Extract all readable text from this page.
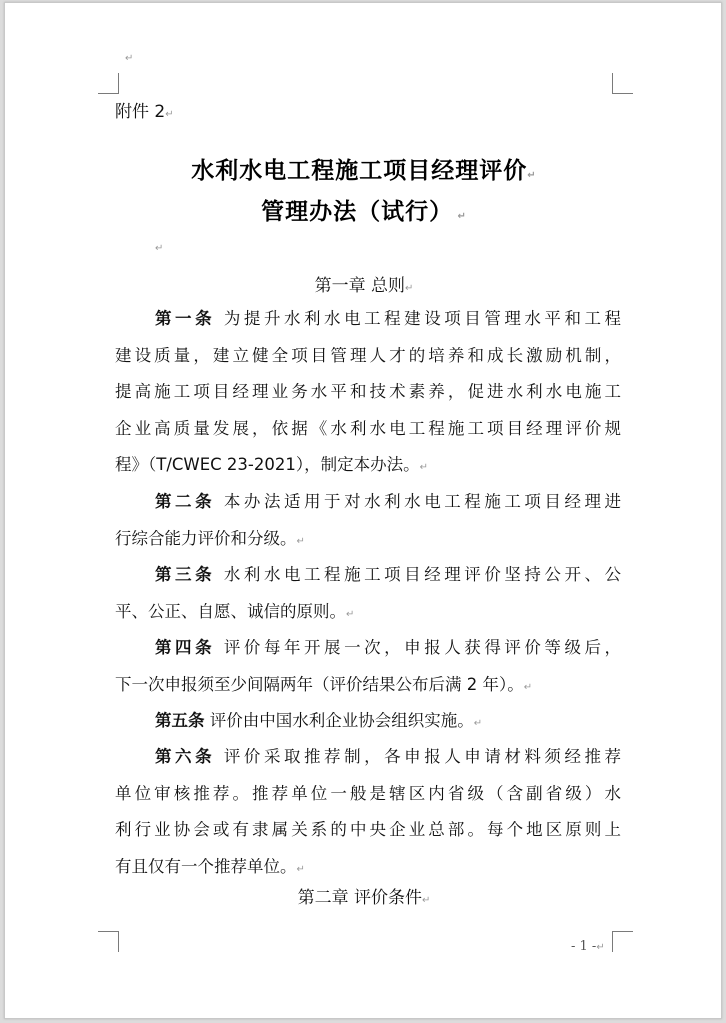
↵
附件 2↵
水利水电工程施工项目经理评价↵
管理办法（试行） ↵
↵
第一章 总则↵
第一条 为提升水利水电工程建设项目管理水平和工程
建设质量，建立健全项目管理人才的培养和成长激励机制，
提高施工项目经理业务水平和技术素养，促进水利水电施工
企业高质量发展，依据《水利水电工程施工项目经理评价规
程》（T/CWEC 23-2021），制定本办法。↵
第二条 本办法适用于对水利水电工程施工项目经理进
行综合能力评价和分级。↵
第三条 水利水电工程施工项目经理评价坚持公开、公
平、公正、自愿、诚信的原则。↵
第四条 评价每年开展一次，申报人获得评价等级后，
下一次申报须至少间隔两年（评价结果公布后满 2 年）。↵
第五条 评价由中国水利企业协会组织实施。↵
第六条 评价采取推荐制，各申报人申请材料须经推荐
单位审核推荐。推荐单位一般是辖区内省级（含副省级）水
利行业协会或有隶属关系的中央企业总部。每个地区原则上
有且仅有一个推荐单位。↵
第二章 评价条件↵
- 1 -↵
